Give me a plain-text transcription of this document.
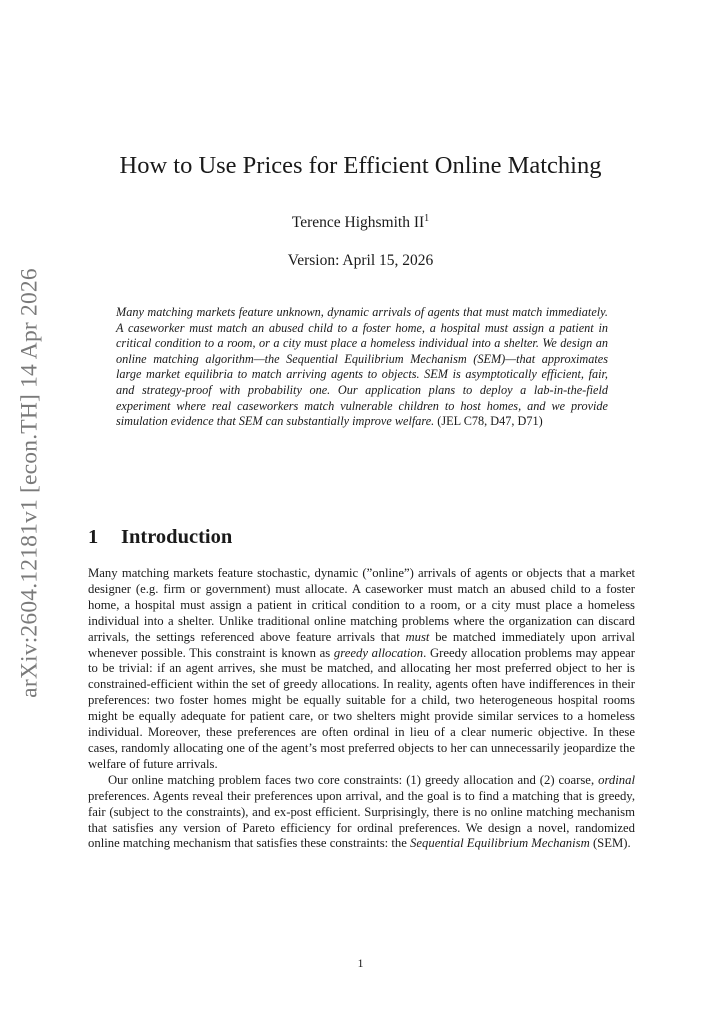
arXiv:2604.12181v1 [econ.TH] 14 Apr 2026
How to Use Prices for Efficient Online Matching
Terence Highsmith $II^1$
Version: April 15, 2026

Many matching markets feature unknown, dynamic arrivals of agents that must match immediately. A caseworker must match an abused child to a foster home, a hospital must assign a patient in critical condition to a room, or a city must place a homeless individual into a shelter. We design an online matching algorithm—the Sequential Equilibrium Mechanism (SEM)—that approximates large market equilibria to match arriving agents to objects. SEM is asymptotically efficient, fair, and strategy-proof with probability one. Our application plans to deploy a lab-in-the-field experiment where real caseworkers match vulnerable children to host homes, and we provide simulation evidence that SEM can substantially improve welfare. (JEL C78, D47, D71)

1 Introduction

Many matching markets feature stochastic, dynamic (”online”) arrivals of agents or objects that a market designer (e.g. firm or government) must allocate. A caseworker must match an abused child to a foster home, a hospital must assign a patient in critical condition to a room, or a city must place a homeless individual into a shelter. Unlike traditional online matching problems where the organization can discard arrivals, the settings referenced above feature arrivals that must be matched immediately upon arrival whenever possible. This constraint is known as greedy allocation. Greedy allocation problems may appear to be trivial: if an agent arrives, she must be matched, and allocating her most preferred object to her is constrained-efficient within the set of greedy allocations. In reality, agents often have indifferences in their preferences: two foster homes might be equally suitable for a child, two heterogeneous hospital rooms might be equally adequate for patient care, or two shelters might provide similar services to a homeless individual. Moreover, these preferences are often ordinal in lieu of a clear numeric objective. In these cases, randomly allocating one of the agent’s most preferred objects to her can unnecessarily jeopardize the welfare of future arrivals.

Our online matching problem faces two core constraints: (1) greedy allocation and (2) coarse, ordinal preferences. Agents reveal their preferences upon arrival, and the goal is to find a matching that is greedy, fair (subject to the constraints), and ex-post efficient. Surprisingly, there is no online matching mechanism that satisfies any version of Pareto efficiency for ordinal preferences. We design a novel, randomized online matching mechanism that satisfies these constraints: the Sequential Equilibrium Mechanism (SEM).

1
